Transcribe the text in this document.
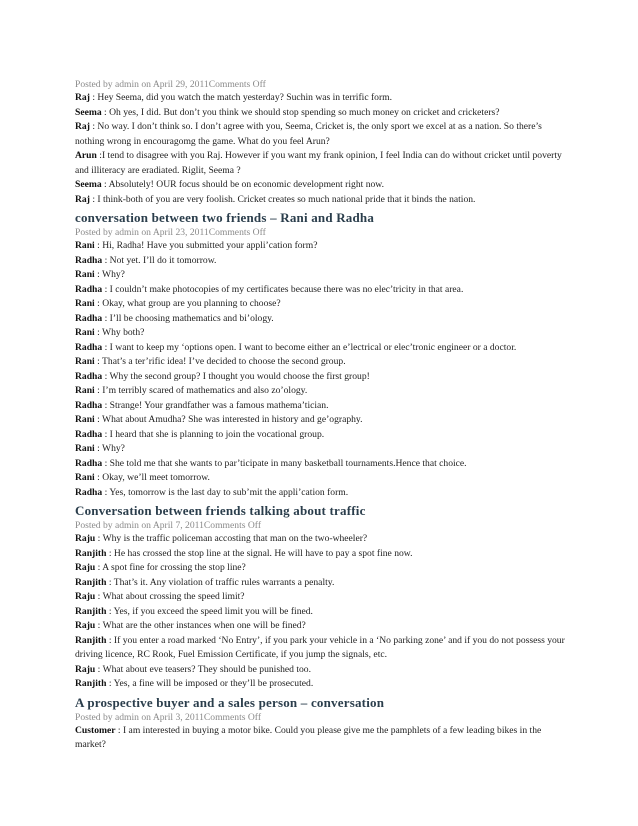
Posted by admin on April 29, 2011Comments Off
Raj : Hey Seema, did you watch the match yesterday? Suchin was in terrific form.
Seema : Oh yes, I did. But don’t you think we should stop spending so much money on cricket and cricketers?
Raj : No way. I don’t think so. I don’t agree with you, Seema, Cricket is, the only sport we excel at as a nation. So there’s nothing wrong in encouragomg the game. What do you feel Arun?
Arun :I tend to disagree with you Raj. However if you want my frank opinion, I feel India can do without cricket until poverty and illiteracy are eradiated. Riglit, Seema ?
Seema : Absolutely! OUR focus should be on economic development right now.
Raj : I think-both of you are very foolish. Cricket creates so much national pride that it binds the nation.
conversation between two friends – Rani and Radha
Posted by admin on April 23, 2011Comments Off
Rani : Hi, Radha! Have you submitted your appli’cation form?
Radha : Not yet. I’ll do it tomorrow.
Rani : Why?
Radha : I couldn’t make photocopies of my certificates because there was no elec’tricity in that area.
Rani : Okay, what group are you planning to choose?
Radha : I’ll be choosing mathematics and bi’ology.
Rani : Why both?
Radha : I want to keep my ‘options open. I want to become either an e’lectrical or elec’tronic engineer or a doctor.
Rani : That’s a ter’rific idea! I’ve decided to choose the second group.
Radha : Why the second group? I thought you would choose the first group!
Rani : I’m terribly scared of mathematics and also zo’ology.
Radha : Strange! Your grandfather was a famous mathema’tician.
Rani : What about Amudha? She was interested in history and ge’ography.
Radha : I heard that she is planning to join the vocational group.
Rani : Why?
Radha : She told me that she wants to par’ticipate in many basketball tournaments.Hence that choice.
Rani : Okay, we’ll meet tomorrow.
Radha : Yes, tomorrow is the last day to sub’mit the appli’cation form.
Conversation between friends talking about traffic
Posted by admin on April 7, 2011Comments Off
Raju : Why is the traffic policeman accosting that man on the two-wheeler?
Ranjith : He has crossed the stop line at the signal. He will have to pay a spot fine now.
Raju : A spot fine for crossing the stop line?
Ranjith : That’s it. Any violation of traffic rules warrants a penalty.
Raju : What about crossing the speed limit?
Ranjith : Yes, if you exceed the speed limit you will be fined.
Raju : What are the other instances when one will be fined?
Ranjith : If you enter a road marked ‘No Entry’, if you park your vehicle in a ‘No parking zone’ and if you do not possess your driving licence, RC Rook, Fuel Emission Certificate, if you jump the signals, etc.
Raju : What about eve teasers? They should be punished too.
Ranjith : Yes, a fine will be imposed or they’ll be prosecuted.
A prospective buyer and a sales person – conversation
Posted by admin on April 3, 2011Comments Off
Customer : I am interested in buying a motor bike. Could you please give me the pamphlets of a few leading bikes in the market?
